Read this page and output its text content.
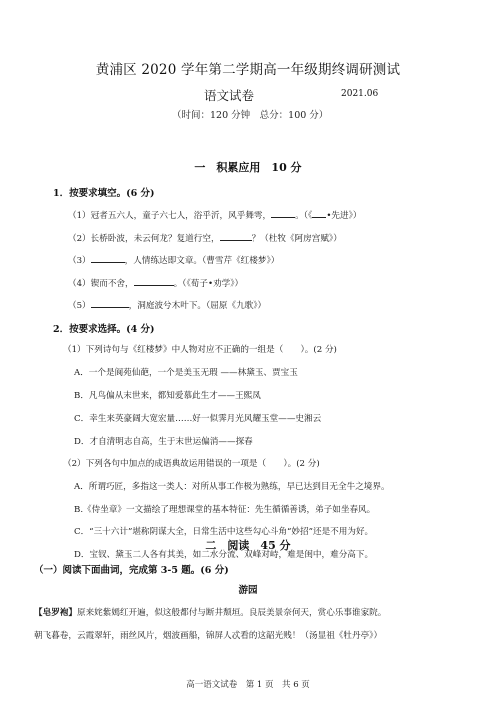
黄浦区 2020 学年第二学期高一年级期终调研测试
语文试卷	2021.06
（时间：120 分钟　总分：100 分）
一　积累应用　10 分
1．按要求填空。(6 分)
（1）冠者五六人，童子六七人，浴乎沂，风乎舞雩，	。（《 •先进》）
（2）长桥卧波，未云何龙？复道行空，	？（杜牧《阿房宫赋》）
（3）	，人情练达即文章。（曹雪芹《红楼梦》）
（4）锲而不舍，	。（《荀子•劝学》）
（5）	，洞庭波兮木叶下。（屈原《九歌》）
2．按要求选择。(4 分)
（1）下列诗句与《红楼梦》中人物对应不正确的一组是（　　）。(2 分)
A．一个是阆苑仙葩，一个是美玉无瑕 ——林黛玉、贾宝玉
B．凡鸟偏从末世来，都知爱慕此生才——王熙凤
C．幸生来英豪阔大宽宏量……好一似霁月光风耀玉堂——史湘云
D．才自清明志自高，生于末世运偏消——探春
（2）下列各句中加点的成语典故运用错误的一项是（　　）。(2 分)
A．所谓巧匠，多指这一类人：对所从事工作极为熟练，早已达到目无全牛之境界。
B.《侍坐章》一文描绘了理想课堂的基本特征：先生循循善诱，弟子如坐春风。
C．“三十六计”堪称阴谋大全，日常生活中这些勾心斗角“妙招”还是不用为好。
D．宝钗、黛玉二人各有其美，如二水分流、双峰对峙，难是闺中，难分高下。
二　阅读　45 分
（一）阅读下面曲词，完成第 3-5 题。(6 分)
游园
【皂罗袍】原来姹紫嫣红开遍，似这般都付与断井颓垣。良辰美景奈何天，赏心乐事谁家院。
朝飞暮卷，云霞翠轩，雨丝风片，烟波画船，锦屏人忒看的这韶光贱！（汤显祖《牡丹亭》）
高一语文试卷　第 1 页　共 6 页
